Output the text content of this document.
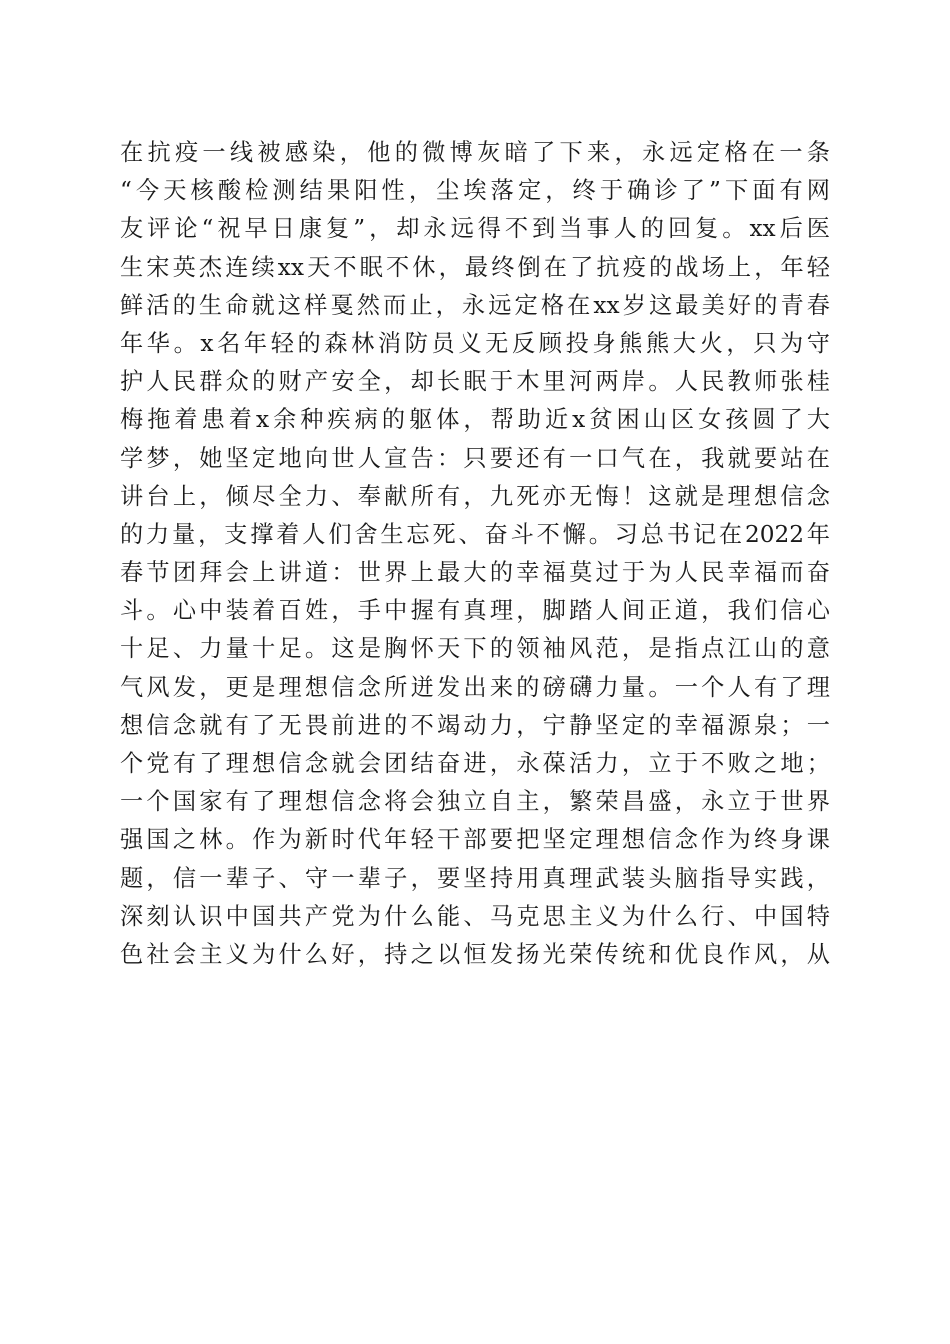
在抗疫一线被感染，他的微博灰暗了下来，永远定格在一条
“今天核酸检测结果阳性，尘埃落定，终于确诊了”下面有网
友评论“祝早日康复”，却永远得不到当事人的回复。xx后医
生宋英杰连续xx天不眠不休，最终倒在了抗疫的战场上，年轻
鲜活的生命就这样戛然而止，永远定格在xx岁这最美好的青春
年华。x名年轻的森林消防员义无反顾投身熊熊大火，只为守
护人民群众的财产安全，却长眠于木里河两岸。人民教师张桂
梅拖着患着x余种疾病的躯体，帮助近x贫困山区女孩圆了大
学梦，她坚定地向世人宣告：只要还有一口气在，我就要站在
讲台上，倾尽全力、奉献所有，九死亦无悔！这就是理想信念
的力量，支撑着人们舍生忘死、奋斗不懈。习总书记在2022年
春节团拜会上讲道：世界上最大的幸福莫过于为人民幸福而奋
斗。心中装着百姓，手中握有真理，脚踏人间正道，我们信心
十足、力量十足。这是胸怀天下的领袖风范，是指点江山的意
气风发，更是理想信念所迸发出来的磅礴力量。一个人有了理
想信念就有了无畏前进的不竭动力，宁静坚定的幸福源泉；一
个党有了理想信念就会团结奋进，永葆活力，立于不败之地；
一个国家有了理想信念将会独立自主，繁荣昌盛，永立于世界
强国之林。作为新时代年轻干部要把坚定理想信念作为终身课
题，信一辈子、守一辈子，要坚持用真理武装头脑指导实践，
深刻认识中国共产党为什么能、马克思主义为什么行、中国特
色社会主义为什么好，持之以恒发扬光荣传统和优良作风，从
